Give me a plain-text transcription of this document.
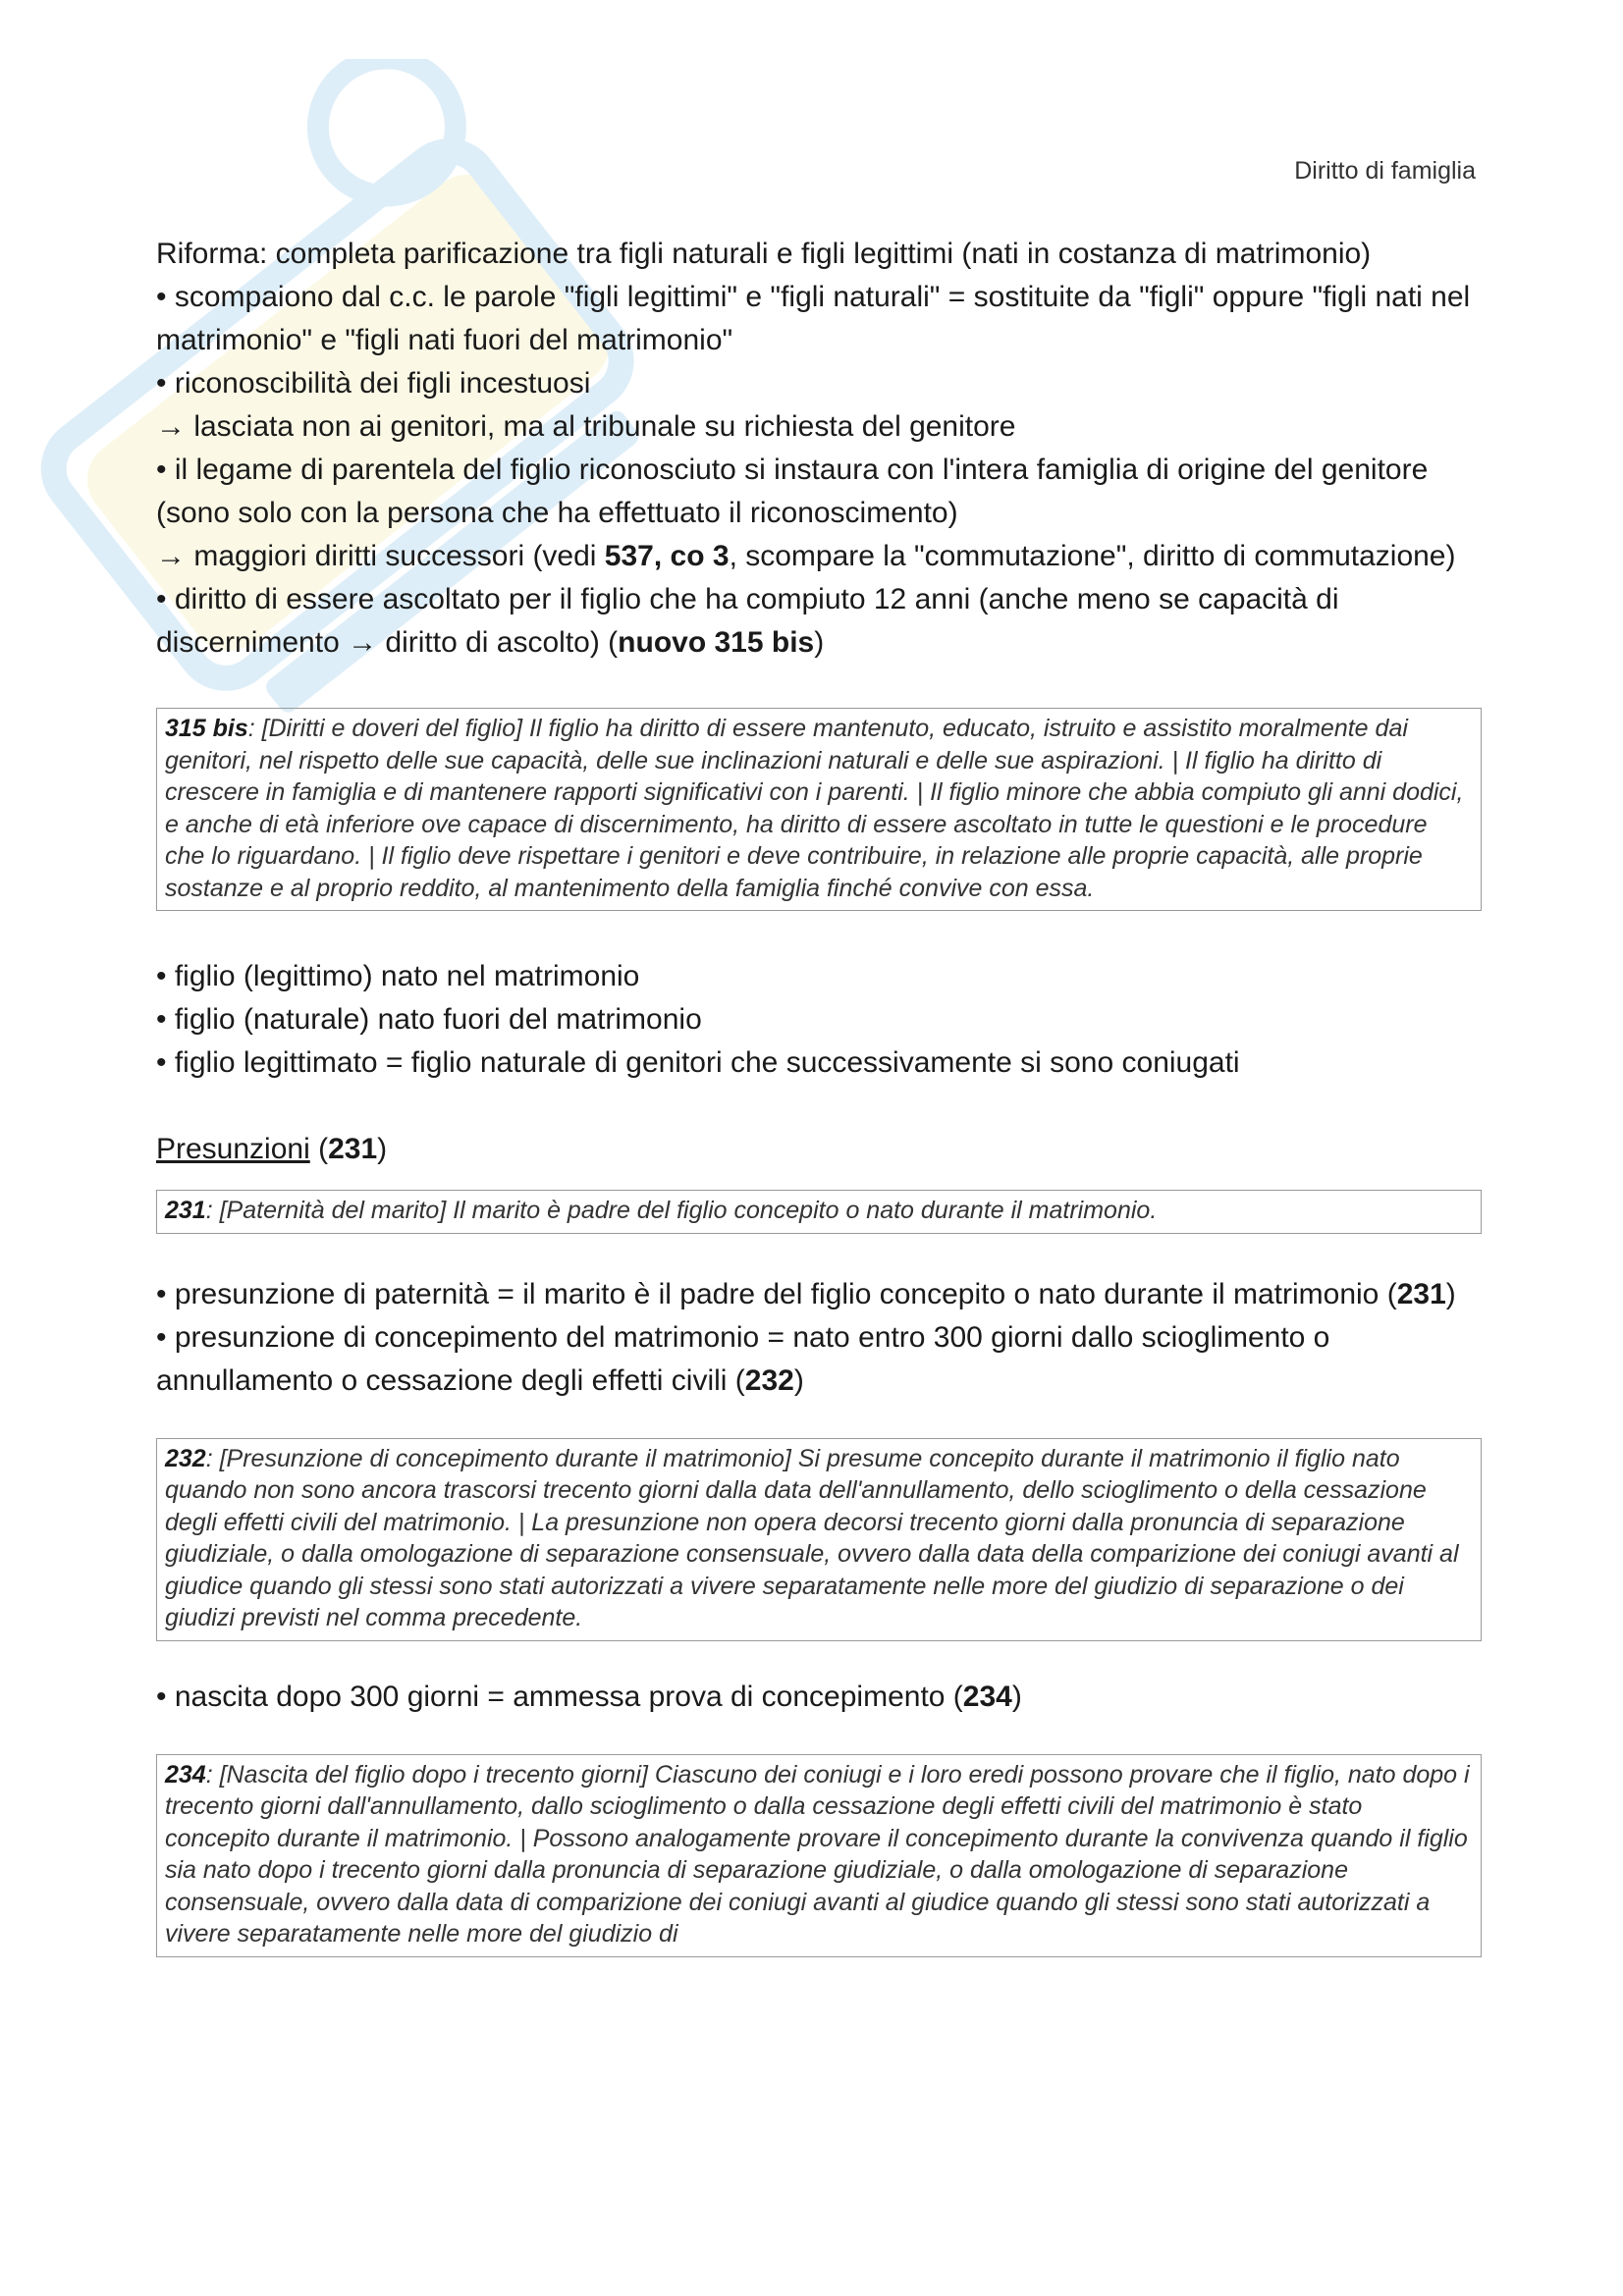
Diritto di famiglia

Riforma: completa parificazione tra figli naturali e figli legittimi (nati in costanza di matrimonio)

• scompaiono dal c.c. le parole "figli legittimi" e "figli naturali" = sostituite da "figli" oppure "figli nati nel matrimonio" e "figli nati fuori del matrimonio"

• riconoscibilità dei figli incestuosi

→ lasciata non ai genitori, ma al tribunale su richiesta del genitore

• il legame di parentela del figlio riconosciuto si instaura con l'intera famiglia di origine del genitore (sono solo con la persona che ha effettuato il riconoscimento)

→ maggiori diritti successori (vedi 537, co 3, scompare la "commutazione", diritto di commutazione)

• diritto di essere ascoltato per il figlio che ha compiuto 12 anni (anche meno se capacità di discernimento → diritto di ascolto) (nuovo 315 bis)

315 bis: [Diritti e doveri del figlio] Il figlio ha diritto di essere mantenuto, educato, istruito e assistito moralmente dai genitori, nel rispetto delle sue capacità, delle sue inclinazioni naturali e delle sue aspirazioni. | Il figlio ha diritto di crescere in famiglia e di mantenere rapporti significativi con i parenti. | Il figlio minore che abbia compiuto gli anni dodici, e anche di età inferiore ove capace di discernimento, ha diritto di essere ascoltato in tutte le questioni e le procedure che lo riguardano. | Il figlio deve rispettare i genitori e deve contribuire, in relazione alle proprie capacità, alle proprie sostanze e al proprio reddito, al mantenimento della famiglia finché convive con essa.

• figlio (legittimo) nato nel matrimonio

• figlio (naturale) nato fuori del matrimonio

• figlio legittimato = figlio naturale di genitori che successivamente si sono coniugati

Presunzioni (231)

231: [Paternità del marito] Il marito è padre del figlio concepito o nato durante il matrimonio.

• presunzione di paternità = il marito è il padre del figlio concepito o nato durante il matrimonio (231)

• presunzione di concepimento del matrimonio = nato entro 300 giorni dallo scioglimento o annullamento o cessazione degli effetti civili (232)

232: [Presunzione di concepimento durante il matrimonio] Si presume concepito durante il matrimonio il figlio nato quando non sono ancora trascorsi trecento giorni dalla data dell'annullamento, dello scioglimento o della cessazione degli effetti civili del matrimonio. | La presunzione non opera decorsi trecento giorni dalla pronuncia di separazione giudiziale, o dalla omologazione di separazione consensuale, ovvero dalla data della comparizione dei coniugi avanti al giudice quando gli stessi sono stati autorizzati a vivere separatamente nelle more del giudizio di separazione o dei giudizi previsti nel comma precedente.

• nascita dopo 300 giorni = ammessa prova di concepimento (234)

234: [Nascita del figlio dopo i trecento giorni] Ciascuno dei coniugi e i loro eredi possono provare che il figlio, nato dopo i trecento giorni dall'annullamento, dallo scioglimento o dalla cessazione degli effetti civili del matrimonio è stato concepito durante il matrimonio. | Possono analogamente provare il concepimento durante la convivenza quando il figlio sia nato dopo i trecento giorni dalla pronuncia di separazione giudiziale, o dalla omologazione di separazione consensuale, ovvero dalla data di comparizione dei coniugi avanti al giudice quando gli stessi sono stati autorizzati a vivere separatamente nelle more del giudizio di
